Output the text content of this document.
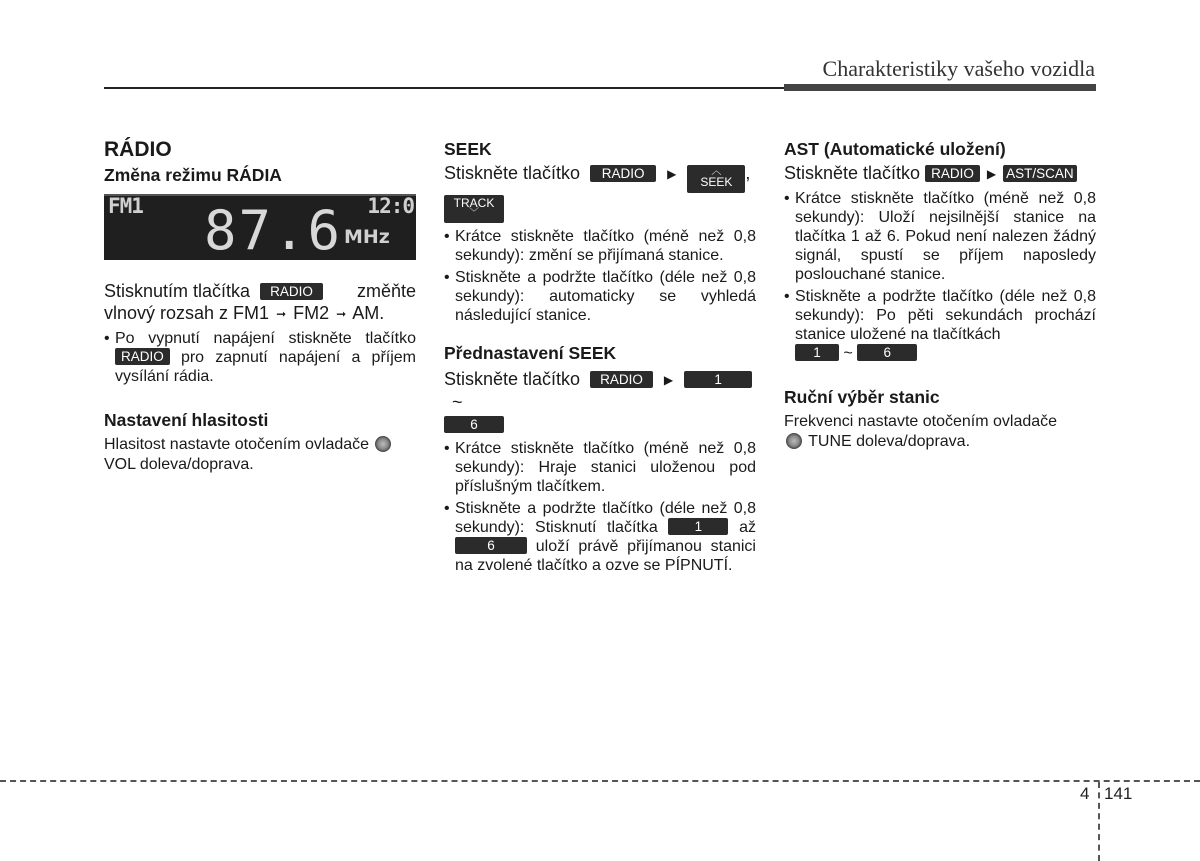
Charakteristiky vašeho vozidla
RÁDIO
Změna režimu RÁDIA
FM1	12:0
87.6 MHz
Stisknutím tlačítka RADIO změňte

vlnový rozsah z FM1 ➞ FM2 ➞ AM.
• Po vypnutí napájení stiskněte tlačítko RADIO pro zapnutí napájení a příjem vysílání rádia.
Nastavení hlasitosti
Hlasitost nastavte otočením ovladače
VOL doleva/doprava.
SEEK
Stiskněte tlačítko RADIO ▶	︿
SEEK ,
TRACK
﹀
• Krátce stiskněte tlačítko (méně než 0,8 sekundy): změní se přijímaná stanice.
• Stiskněte a podržte tlačítko (déle než 0,8 sekundy): automaticky se vyhledá následující stanice.
Přednastavení SEEK
Stiskněte tlačítko RADIO ▶	1 ~
6
• Krátce stiskněte tlačítko (méně než 0,8 sekundy): Hraje stanici uloženou pod příslušným tlačítkem.
• Stiskněte a podržte tlačítko (déle než 0,8 sekundy): Stisknutí tlačítka	1 až 6	uloží právě přijímanou stanici na zvolené tlačítko a ozve se PÍPNUTÍ.
AST (Automatické uložení)
Stiskněte tlačítko RADIO ▶ AST/SCAN
• Krátce stiskněte tlačítko (méně než 0,8 sekundy): Uloží nejsilnější stanice na tlačítka 1 až 6. Pokud není nalezen žádný signál, spustí se příjem naposledy poslouchané stanice.
• Stiskněte a podržte tlačítko (déle než 0,8 sekundy): Po pěti sekundách prochází stanice uložené na tlačítkách
1 ~ 6
Ruční výběr stanic
Frekvenci nastavte otočením ovladače
TUNE doleva/doprava.
4 141
